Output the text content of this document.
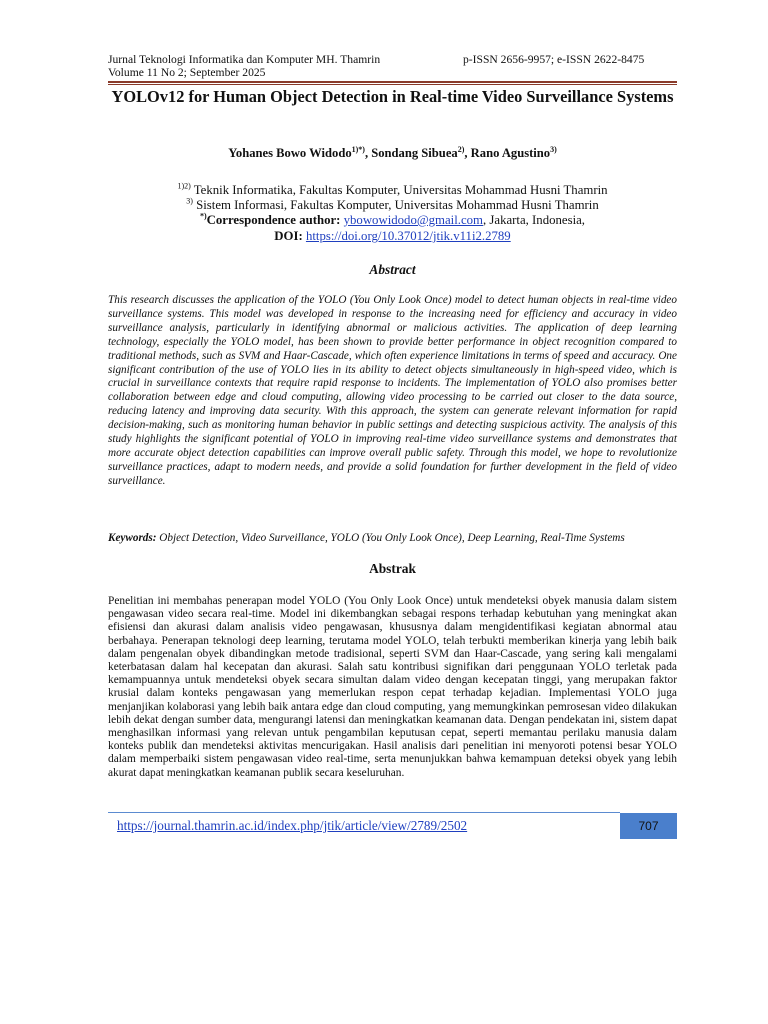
Jurnal Teknologi Informatika dan Komputer MH. Thamrin
Volume 11 No 2; September 2025
p-ISSN 2656-9957; e-ISSN 2622-8475
YOLOv12 for Human Object Detection in Real-time Video Surveillance Systems
Yohanes Bowo Widodo$^{1)*)}$, Sondang Sibuea$^{2)}$, Rano Agustino$^{3)}$
$^{1)2)}$ Teknik Informatika, Fakultas Komputer, Universitas Mohammad Husni Thamrin
$^{3)}$ Sistem Informasi, Fakultas Komputer, Universitas Mohammad Husni Thamrin
*)Correspondence author: ybowowidodo@gmail.com, Jakarta, Indonesia,
DOI: https://doi.org/10.37012/jtik.v11i2.2789
Abstract
This research discusses the application of the YOLO (You Only Look Once) model to detect human objects in real-time video surveillance systems. This model was developed in response to the increasing need for efficiency and accuracy in video surveillance analysis, particularly in identifying abnormal or malicious activities. The application of deep learning technology, especially the YOLO model, has been shown to provide better performance in object recognition compared to traditional methods, such as SVM and Haar-Cascade, which often experience limitations in terms of speed and accuracy. One significant contribution of the use of YOLO lies in its ability to detect objects simultaneously in high-speed video, which is crucial in surveillance contexts that require rapid response to incidents. The implementation of YOLO also promises better collaboration between edge and cloud computing, allowing video processing to be carried out closer to the data source, reducing latency and improving data security. With this approach, the system can generate relevant information for rapid decision-making, such as monitoring human behavior in public settings and detecting suspicious activity. The analysis of this study highlights the significant potential of YOLO in improving real-time video surveillance systems and demonstrates that more accurate object detection capabilities can improve overall public safety. Through this model, we hope to revolutionize surveillance practices, adapt to modern needs, and provide a solid foundation for further development in the field of video surveillance.
Keywords: Object Detection, Video Surveillance, YOLO (You Only Look Once), Deep Learning, Real-Time Systems
Abstrak
Penelitian ini membahas penerapan model YOLO (You Only Look Once) untuk mendeteksi obyek manusia dalam sistem pengawasan video secara real-time. Model ini dikembangkan sebagai respons terhadap kebutuhan yang meningkat akan efisiensi dan akurasi dalam analisis video pengawasan, khususnya dalam mengidentifikasi kegiatan abnormal atau berbahaya. Penerapan teknologi deep learning, terutama model YOLO, telah terbukti memberikan kinerja yang lebih baik dalam pengenalan obyek dibandingkan metode tradisional, seperti SVM dan Haar-Cascade, yang sering kali mengalami keterbatasan dalam hal kecepatan dan akurasi. Salah satu kontribusi signifikan dari penggunaan YOLO terletak pada kemampuannya untuk mendeteksi obyek secara simultan dalam video dengan kecepatan tinggi, yang merupakan faktor krusial dalam konteks pengawasan yang memerlukan respon cepat terhadap kejadian. Implementasi YOLO juga menjanjikan kolaborasi yang lebih baik antara edge dan cloud computing, yang memungkinkan pemrosesan video dilakukan lebih dekat dengan sumber data, mengurangi latensi dan meningkatkan keamanan data. Dengan pendekatan ini, sistem dapat menghasilkan informasi yang relevan untuk pengambilan keputusan cepat, seperti memantau perilaku manusia dalam konteks publik dan mendeteksi aktivitas mencurigakan. Hasil analisis dari penelitian ini menyoroti potensi besar YOLO dalam memperbaiki sistem pengawasan video real-time, serta menunjukkan bahwa kemampuan deteksi obyek yang lebih akurat dapat meningkatkan keamanan publik secara keseluruhan.
https://journal.thamrin.ac.id/index.php/jtik/article/view/2789/2502	707
